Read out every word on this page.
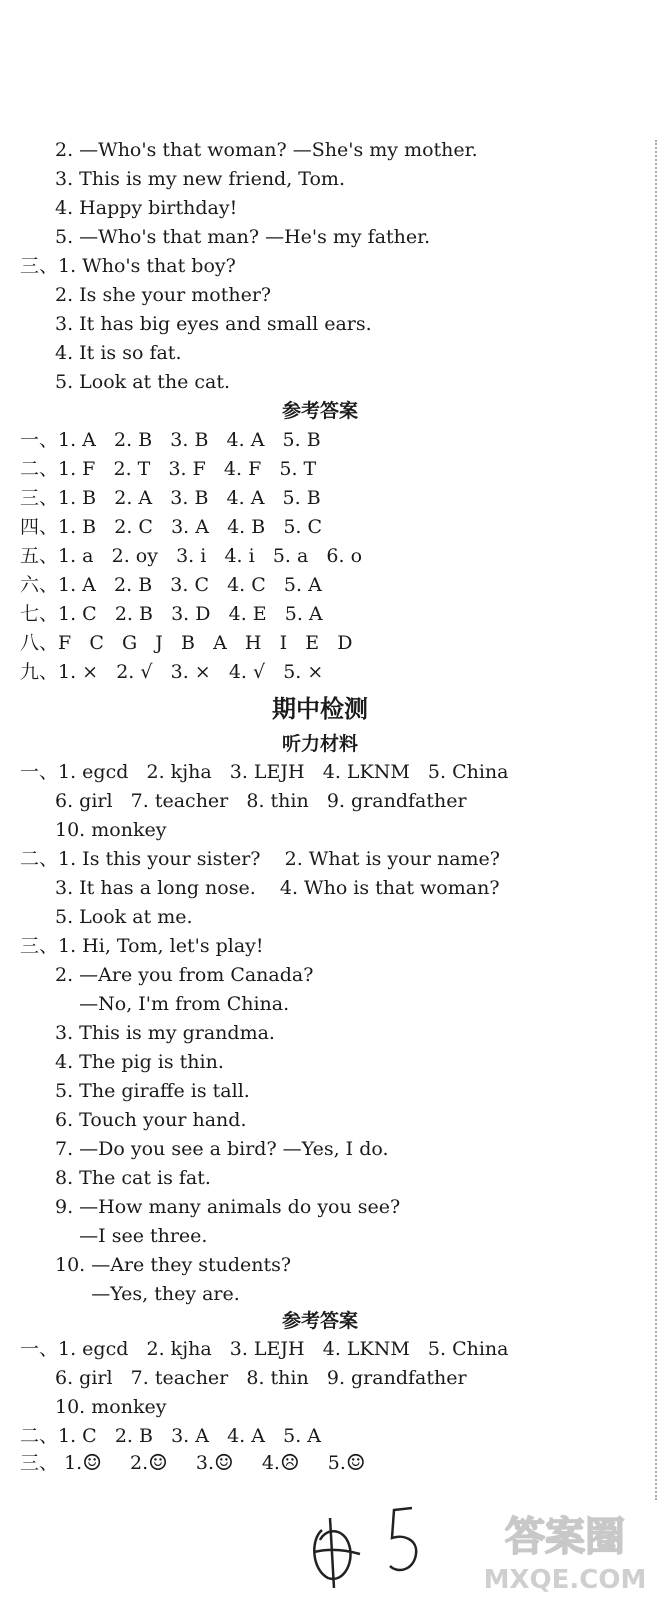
2. —Who's that woman? —She's my mother.
3. This is my new friend, Tom.
4. Happy birthday!
5. —Who's that man? —He's my father.
三、1. Who's that boy?
2. Is she your mother?
3. It has big eyes and small ears.
4. It is so fat.
5. Look at the cat.
参考答案
一、1. A   2. B   3. B   4. A   5. B
二、1. F   2. T   3. F   4. F   5. T
三、1. B   2. A   3. B   4. A   5. B
四、1. B   2. C   3. A   4. B   5. C
五、1. a   2. oy   3. i   4. i   5. a   6. o
六、1. A   2. B   3. C   4. C   5. A
七、1. C   2. B   3. D   4. E   5. A
八、F   C   G   J   B   A   H   I   E   D
九、1. ×   2. √   3. ×   4. √   5. ×
期中检测
听力材料
一、1. egcd   2. kjha   3. LEJH   4. LKNM   5. China
6. girl   7. teacher   8. thin   9. grandfather
10. monkey
二、1. Is this your sister?    2. What is your name?
3. It has a long nose.    4. Who is that woman?
5. Look at me.
三、1. Hi, Tom, let's play!
2. —Are you from Canada?
—No, I'm from China.
3. This is my grandma.
4. The pig is thin.
5. The giraffe is tall.
6. Touch your hand.
7. —Do you see a bird? —Yes, I do.
8. The cat is fat.
9. —How many animals do you see?
—I see three.
10. —Are they students?
—Yes, they are.
参考答案
一、1. egcd   2. kjha   3. LEJH   4. LKNM   5. China
6. girl   7. teacher   8. thin   9. grandfather
10. monkey
二、1. C   2. B   3. A   4. A   5. A
三、 1.☺ 2.☺ 3.☺ 4.☹ 5.☺
答案圈
MXQE.COM
